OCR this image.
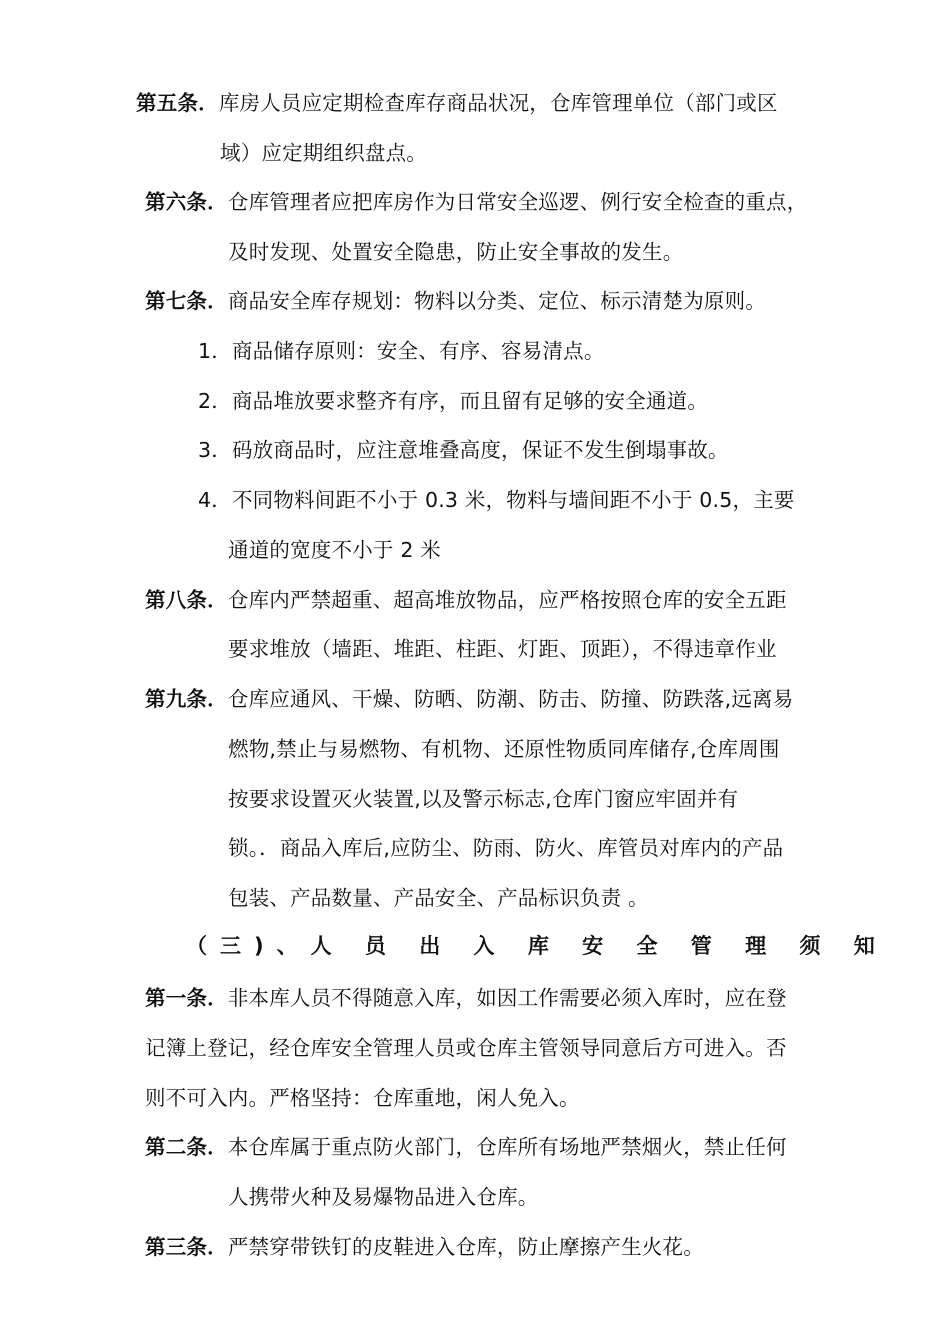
第五条．库房人员应定期检查库存商品状况，仓库管理单位（部门或区
域）应定期组织盘点。
第六条．仓库管理者应把库房作为日常安全巡逻、例行安全检查的重点，
及时发现、处置安全隐患，防止安全事故的发生。
第七条．商品安全库存规划：物料以分类、定位、标示清楚为原则。
1．商品储存原则：安全、有序、容易清点。
2．商品堆放要求整齐有序，而且留有足够的安全通道。
3．码放商品时，应注意堆叠高度，保证不发生倒塌事故。
4．不同物料间距不小于 0.3 米，物料与墙间距不小于 0.5，主要
通道的宽度不小于 2 米
第八条．仓库内严禁超重、超高堆放物品，应严格按照仓库的安全五距
要求堆放（墙距、堆距、柱距、灯距、顶距），不得违章作业
第九条．仓库应通风、干燥、防晒、防潮、防击、防撞、防跌落,远离易
燃物,禁止与易燃物、有机物、还原性物质同库储存,仓库周围
按要求设置灭火装置,以及警示标志,仓库门窗应牢固并有
锁。．商品入库后,应防尘、防雨、防火、库管员对库内的产品
包装、产品数量、产品安全、产品标识负责 。
（三)、人 员 出 入 库 安 全 管 理 须 知
第一条．非本库人员不得随意入库，如因工作需要必须入库时，应在登
记簿上登记，经仓库安全管理人员或仓库主管领导同意后方可进入。否
则不可入内。严格坚持：仓库重地，闲人免入。
第二条．本仓库属于重点防火部门，仓库所有场地严禁烟火，禁止任何
人携带火种及易爆物品进入仓库。
第三条．严禁穿带铁钉的皮鞋进入仓库，防止摩擦产生火花。
